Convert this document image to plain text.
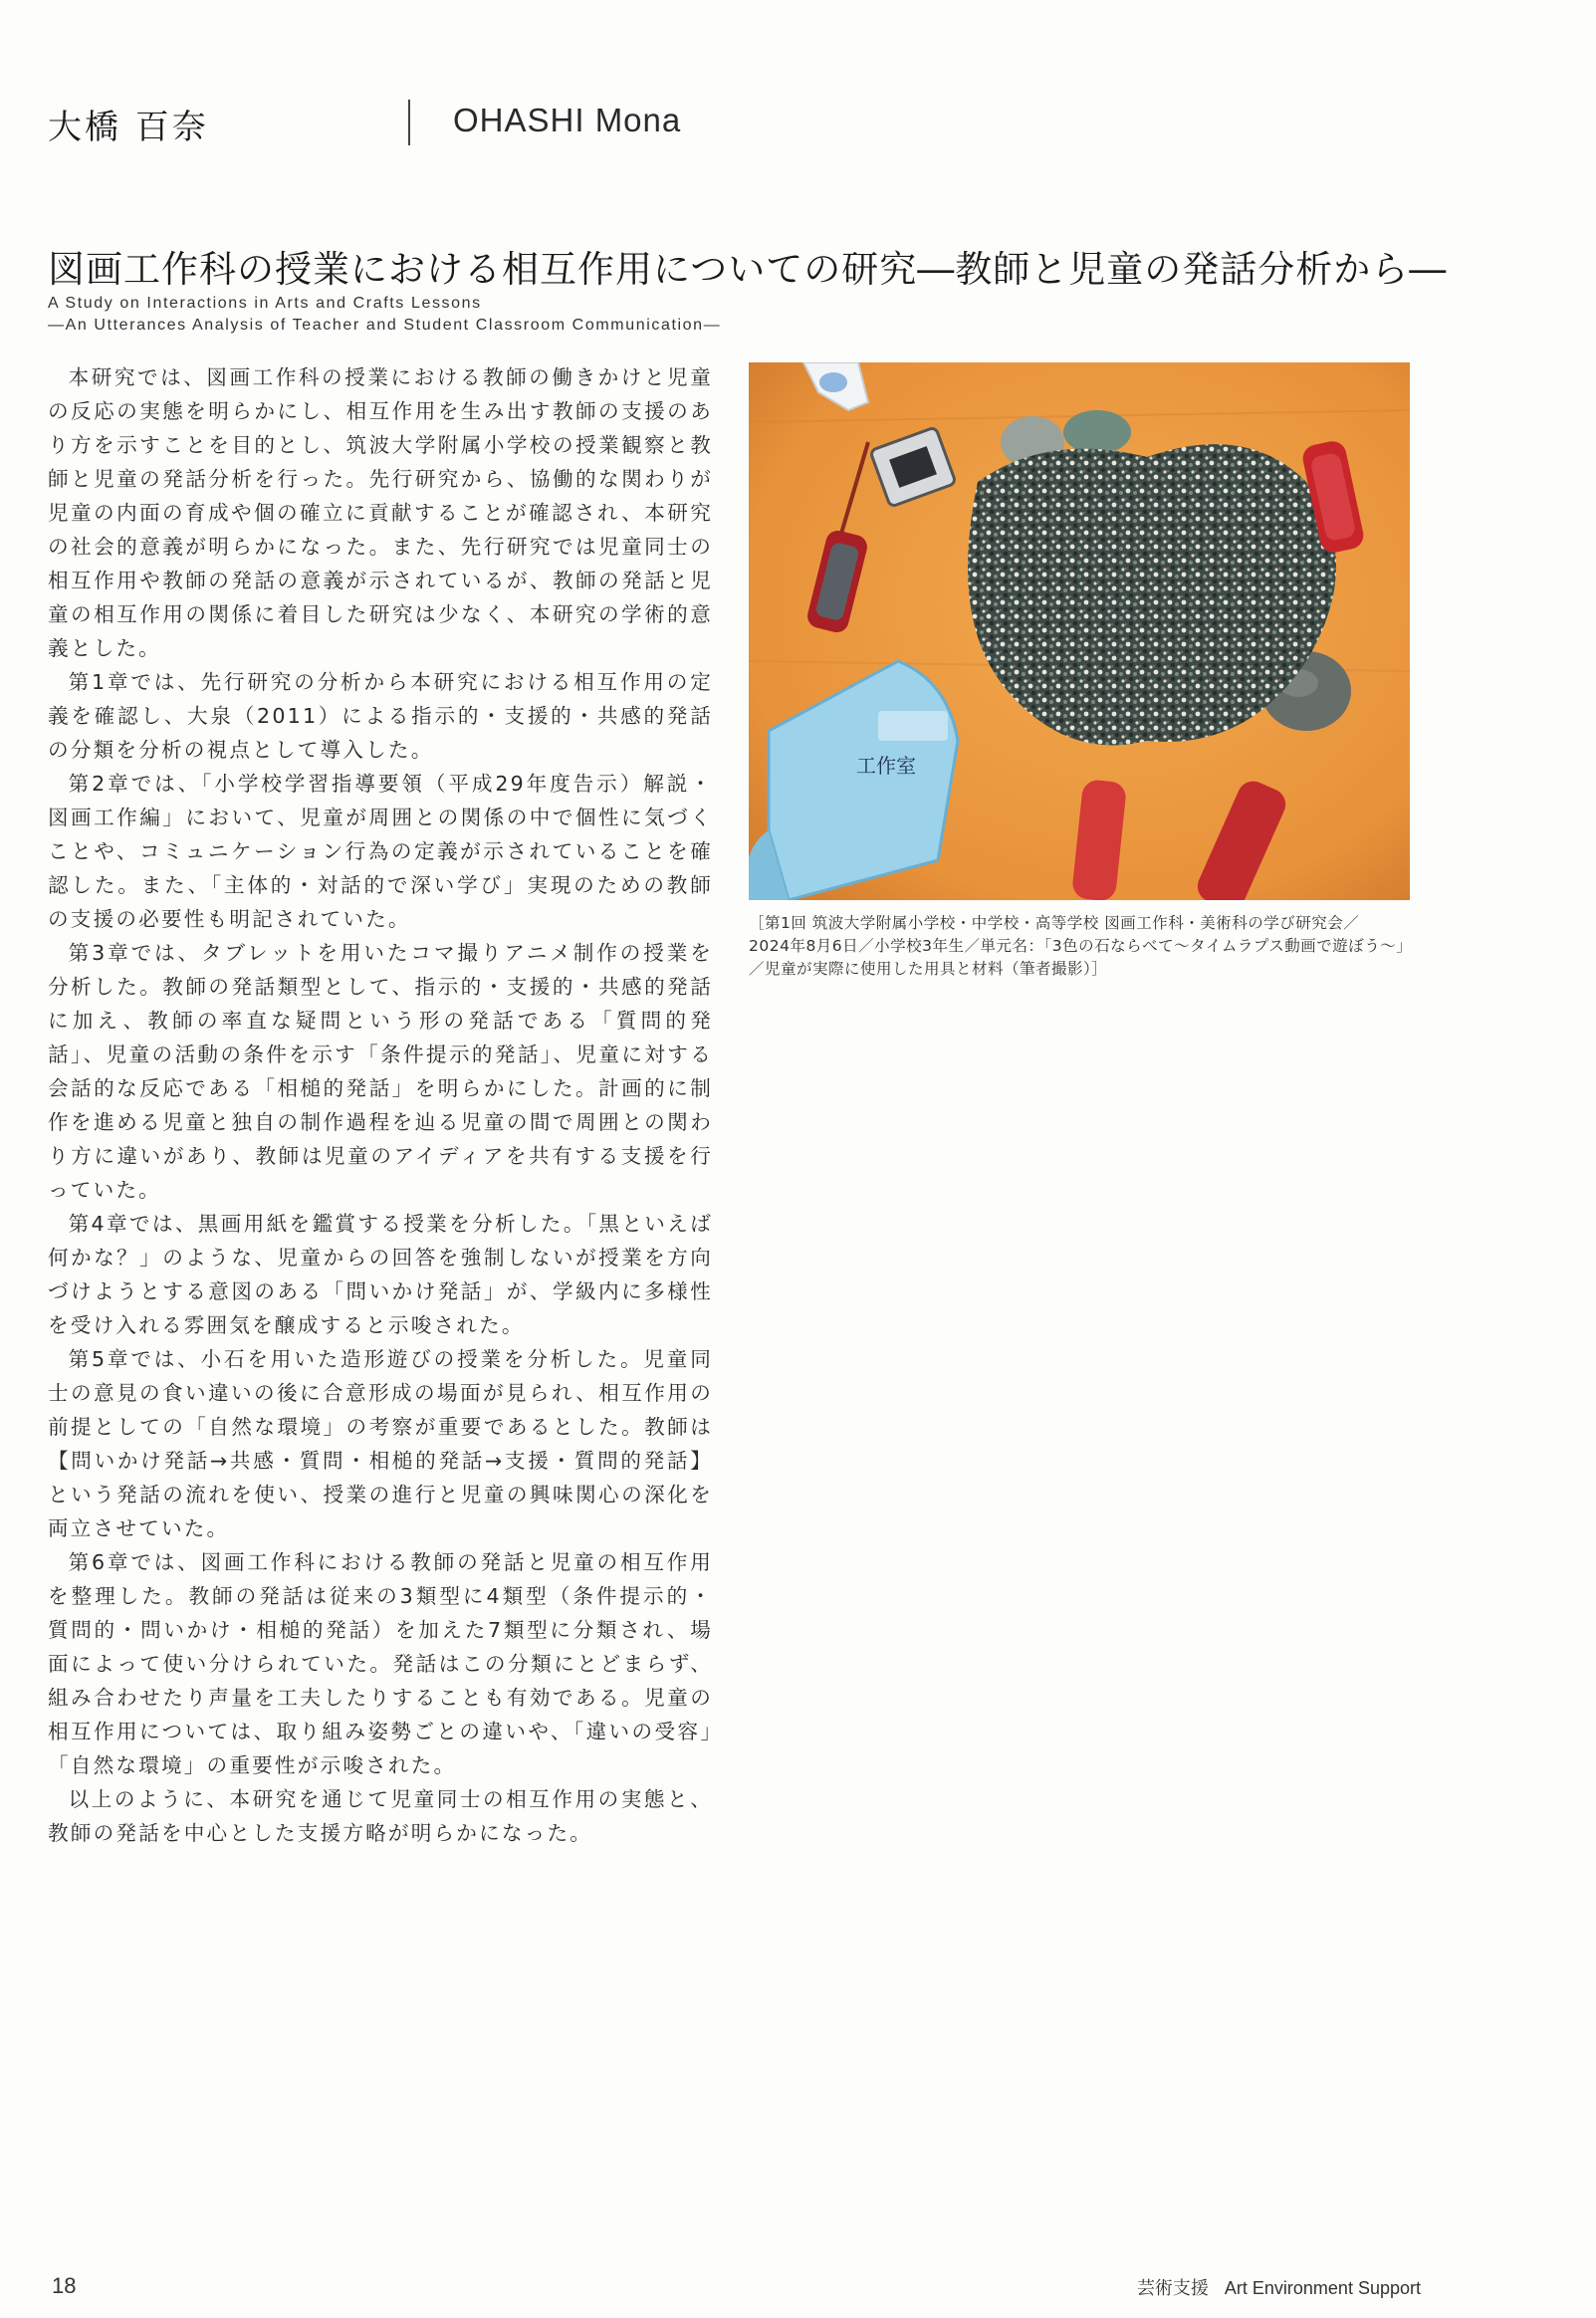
大橋 百奈	OHASHI Mona
図画工作科の授業における相互作用についての研究―教師と児童の発話分析から―
A Study on Interactions in Arts and Crafts Lessons
―An Utterances Analysis of Teacher and Student Classroom Communication―

本研究では、図画工作科の授業における教師の働きかけと児童の反応の実態を明らかにし、相互作用を生み出す教師の支援のあり方を示すことを目的とし、筑波大学附属小学校の授業観察と教師と児童の発話分析を行った。先行研究から、協働的な関わりが児童の内面の育成や個の確立に貢献することが確認され、本研究の社会的意義が明らかになった。また、先行研究では児童同士の相互作用や教師の発話の意義が示されているが、教師の発話と児童の相互作用の関係に着目した研究は少なく、本研究の学術的意義とした。

第1章では、先行研究の分析から本研究における相互作用の定義を確認し、大泉（2011）による指示的・支援的・共感的発話の分類を分析の視点として導入した。

第2章では、「小学校学習指導要領（平成29年度告示）解説・図画工作編」において、児童が周囲との関係の中で個性に気づくことや、コミュニケーション行為の定義が示されていることを確認した。また、「主体的・対話的で深い学び」実現のための教師の支援の必要性も明記されていた。

第3章では、タブレットを用いたコマ撮りアニメ制作の授業を分析した。教師の発話類型として、指示的・支援的・共感的発話に加え、教師の率直な疑問という形の発話である「質問的発話」、児童の活動の条件を示す「条件提示的発話」、児童に対する会話的な反応である「相槌的発話」を明らかにした。計画的に制作を進める児童と独自の制作過程を辿る児童の間で周囲との関わり方に違いがあり、教師は児童のアイディアを共有する支援を行っていた。

第4章では、黒画用紙を鑑賞する授業を分析した。「黒といえば何かな？」のような、児童からの回答を強制しないが授業を方向づけようとする意図のある「問いかけ発話」が、学級内に多様性を受け入れる雰囲気を醸成すると示唆された。

第5章では、小石を用いた造形遊びの授業を分析した。児童同士の意見の食い違いの後に合意形成の場面が見られ、相互作用の前提としての「自然な環境」の考察が重要であるとした。教師は【問いかけ発話→共感・質問・相槌的発話→支援・質問的発話】という発話の流れを使い、授業の進行と児童の興味関心の深化を両立させていた。

第6章では、図画工作科における教師の発話と児童の相互作用を整理した。教師の発話は従来の3類型に4類型（条件提示的・質問的・問いかけ・相槌的発話）を加えた7類型に分類され、場面によって使い分けられていた。発話はこの分類にとどまらず、組み合わせたり声量を工夫したりすることも有効である。児童の相互作用については、取り組み姿勢ごとの違いや、「違いの受容」「自然な環境」の重要性が示唆された。

以上のように、本研究を通じて児童同士の相互作用の実態と、教師の発話を中心とした支援方略が明らかになった。

工作室
［第1回 筑波大学附属小学校・中学校・高等学校 図画工作科・美術科の学び研究会／
2024年8月6日／小学校3年生／単元名：「3色の石ならべて〜タイムラプス動画で遊ぼう〜」
／児童が実際に使用した用具と材料（筆者撮影）］
18	芸術支援 Art Environment Support
